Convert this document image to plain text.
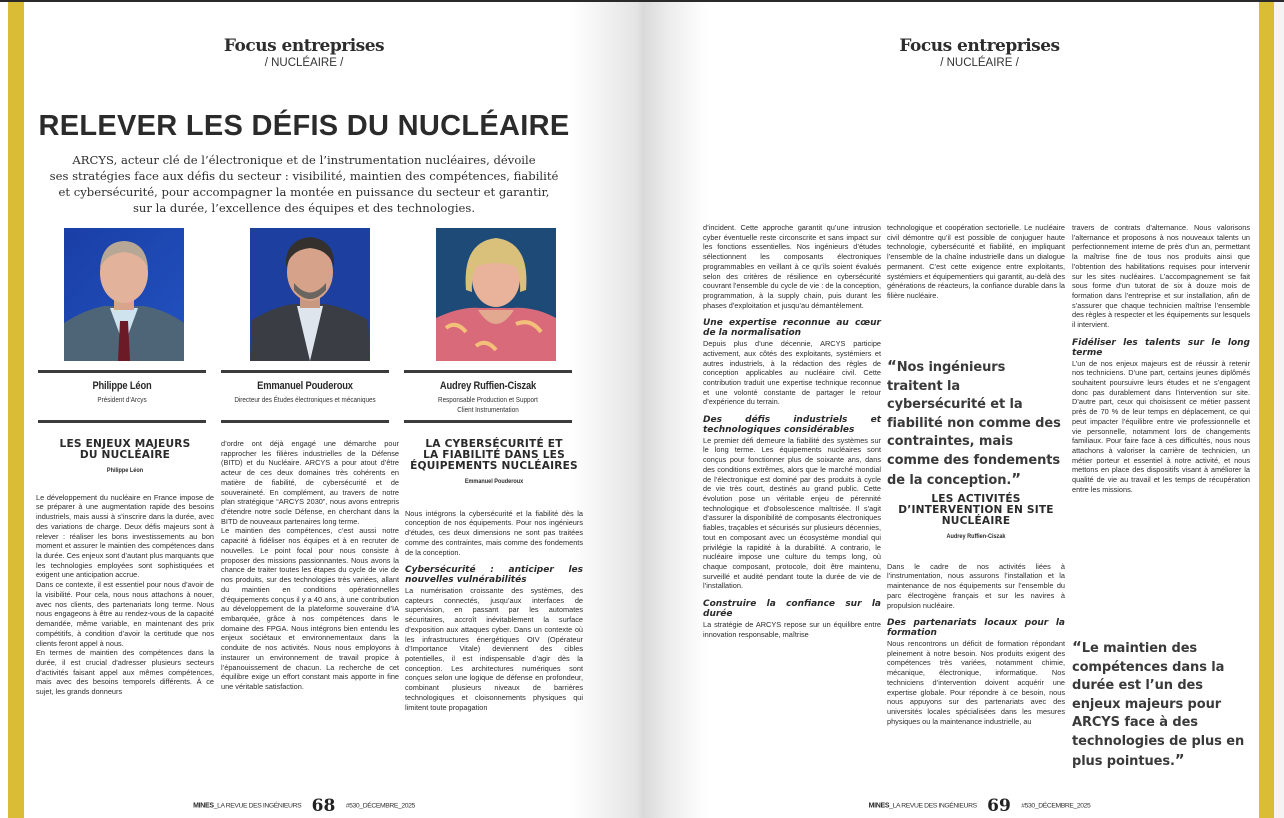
Focus entreprises
/ NUCLÉAIRE /
RELEVER LES DÉFIS DU NUCLÉAIRE
ARCYS, acteur clé de l’électronique et de l’instrumentation nucléaires, dévoile
ses stratégies face aux défis du secteur : visibilité, maintien des compétences, fiabilité
et cybersécurité, pour accompagner la montée en puissance du secteur et garantir,
sur la durée, l’excellence des équipes et des technologies.
Philippe Léon
Président d’Arcys
Emmanuel Pouderoux
Directeur des Études électroniques et mécaniques
Audrey Ruffien-Ciszak
Responsable Production et Support Client Instrumentation
LES ENJEUX MAJEURS
DU NUCLÉAIRE
Philippe Léon

Le développement du nucléaire en France impose de se préparer à une augmentation rapide des besoins industriels, mais aussi à s’inscrire dans la durée, avec des variations de charge. Deux défis majeurs sont à relever : réaliser les bons investissements au bon moment et assurer le maintien des compétences dans la durée. Ces enjeux sont d’autant plus marquants que les technologies employées sont sophistiquées et exigent une anticipation accrue.

Dans ce contexte, il est essentiel pour nous d’avoir de la visibilité. Pour cela, nous nous attachons à nouer, avec nos clients, des partenariats long terme. Nous nous engageons à être au rendez-vous de la capacité demandée, même variable, en maintenant des prix compétitifs, à condition d’avoir la certitude que nos clients feront appel à nous.

En termes de maintien des compétences dans la durée, il est crucial d’adresser plusieurs secteurs d’activités faisant appel aux mêmes compétences, mais avec des besoins temporels différents. À ce sujet, les grands donneurs

d’ordre ont déjà engagé une démarche pour rapprocher les filières industrielles de la Défense (BITD) et du Nucléaire. ARCYS a pour atout d’être acteur de ces deux domaines très cohérents en matière de fiabilité, de cybersécurité et de souveraineté. En complément, au travers de notre plan stratégique “ARCYS 2030”, nous avons entrepris d’étendre notre socle Défense, en cherchant dans la BITD de nouveaux partenaires long terme.

Le maintien des compétences, c’est aussi notre capacité à fidéliser nos équipes et à en recruter de nouvelles. Le point focal pour nous consiste à proposer des missions passionnantes. Nous avons la chance de traiter toutes les étapes du cycle de vie de nos produits, sur des technologies très variées, allant du maintien en conditions opérationnelles d’équipements conçus il y a 40 ans, à une contribution au développement de la plateforme souveraine d’IA embarquée, grâce à nos compétences dans le domaine des FPGA. Nous intégrons bien entendu les enjeux sociétaux et environnementaux dans la conduite de nos activités. Nous nous employons à instaurer un environnement de travail propice à l’épanouissement de chacun. La recherche de cet équilibre exige un effort constant mais apporte in fine une véritable satisfaction.

LA CYBERSÉCURITÉ ET
LA FIABILITÉ DANS LES
ÉQUIPEMENTS NUCLÉAIRES
Emmanuel Pouderoux

Nous intégrons la cybersécurité et la fiabilité dès la conception de nos équipements. Pour nos ingénieurs d’études, ces deux dimensions ne sont pas traitées comme des contraintes, mais comme des fondements de la conception.

Cybersécurité : anticiper les nouvelles vulnérabilités

La numérisation croissante des systèmes, des capteurs connectés, jusqu’aux interfaces de supervision, en passant par les automates sécuritaires, accroît inévitablement la surface d’exposition aux attaques cyber. Dans un contexte où les infrastructures énergétiques OIV (Opérateur d’Importance Vitale) deviennent des cibles potentielles, il est indispensable d’agir dès la conception. Les architectures numériques sont conçues selon une logique de défense en profondeur, combinant plusieurs niveaux de barrières technologiques et cloisonnements physiques qui limitent toute propagation

MINES_LA REVUE DES INGÉNIEURS 68 #530_DÉCEMBRE_2025
Focus entreprises
/ NUCLÉAIRE /

d’incident. Cette approche garantit qu’une intrusion cyber éventuelle reste circonscrite et sans impact sur les fonctions essentielles. Nos ingénieurs d’études sélectionnent les composants électroniques programmables en veillant à ce qu’ils soient évalués selon des critères de résilience en cybersécurité couvrant l’ensemble du cycle de vie : de la conception, programmation, à la supply chain, puis durant les phases d’exploitation et jusqu’au démantèlement.

Une expertise reconnue au cœur de la normalisation

Depuis plus d’une décennie, ARCYS participe activement, aux côtés des exploitants, systémiers et autres industriels, à la rédaction des règles de conception applicables au nucléaire civil. Cette contribution traduit une expertise technique reconnue et une volonté constante de partager le retour d’expérience du terrain.

Des défis industriels et technologiques considérables

Le premier défi demeure la fiabilité des systèmes sur le long terme. Les équipements nucléaires sont conçus pour fonctionner plus de soixante ans, dans des conditions extrêmes, alors que le marché mondial de l’électronique est dominé par des produits à cycle de vie très court, destinés au grand public. Cette évolution pose un véritable enjeu de pérennité technologique et d’obsolescence maîtrisée. Il s’agit d’assurer la disponibilité de composants électroniques fiables, traçables et sécurisés sur plusieurs décennies, tout en composant avec un écosystème mondial qui privilégie la rapidité à la durabilité. A contrario, le nucléaire impose une culture du temps long, où chaque composant, protocole, doit être maintenu, surveillé et audité pendant toute la durée de vie de l’installation.

Construire la confiance sur la durée

La stratégie de ARCYS repose sur un équilibre entre innovation responsable, maîtrise

technologique et coopération sectorielle. Le nucléaire civil démontre qu’il est possible de conjuguer haute technologie, cybersécurité et fiabilité, en impliquant l’ensemble de la chaîne industrielle dans un dialogue permanent. C’est cette exigence entre exploitants, systémiers et équipementiers qui garantit, au-delà des générations de réacteurs, la confiance durable dans la filière nucléaire.

“Nos ingénieurs traitent la cybersécurité et la fiabilité non comme des contraintes, mais comme des fondements de la conception.”
LES ACTIVITÉS
D’INTERVENTION EN SITE
NUCLÉAIRE
Audrey Ruffien-Ciszak

Dans le cadre de nos activités liées à l’instrumentation, nous assurons l’installation et la maintenance de nos équipements sur l’ensemble du parc électrogène français et sur les navires à propulsion nucléaire.

Des partenariats locaux pour la formation

Nous rencontrons un déficit de formation répondant pleinement à notre besoin. Nos produits exigent des compétences très variées, notamment chimie, mécanique, électronique, informatique. Nos techniciens d’intervention doivent acquérir une expertise globale. Pour répondre à ce besoin, nous nous appuyons sur des partenariats avec des universités locales spécialisées dans les mesures physiques ou la maintenance industrielle, au

travers de contrats d’alternance. Nous valorisons l’alternance et proposons à nos nouveaux talents un perfectionnement interne de près d’un an, permettant la maîtrise fine de tous nos produits ainsi que l’obtention des habilitations requises pour intervenir sur les sites nucléaires. L’accompagnement se fait sous forme d’un tutorat de six à douze mois de formation dans l’entreprise et sur installation, afin de s’assurer que chaque technicien maîtrise l’ensemble des règles à respecter et les équipements sur lesquels il intervient.

Fidéliser les talents sur le long terme

L’un de nos enjeux majeurs est de réussir à retenir nos techniciens. D’une part, certains jeunes diplômés souhaitent poursuivre leurs études et ne s’engagent donc pas durablement dans l’intervention sur site. D’autre part, ceux qui choisissent ce métier passent près de 70 % de leur temps en déplacement, ce qui peut impacter l’équilibre entre vie professionnelle et vie personnelle, notamment lors de changements familiaux. Pour faire face à ces difficultés, nous nous attachons à valoriser la carrière de technicien, un métier porteur et essentiel à notre activité, et nous mettons en place des dispositifs visant à améliorer la qualité de vie au travail et les temps de récupération entre les missions.

“Le maintien des compétences dans la durée est l’un des enjeux majeurs pour ARCYS face à des technologies de plus en plus pointues.”
MINES_LA REVUE DES INGÉNIEURS 69 #530_DÉCEMBRE_2025
